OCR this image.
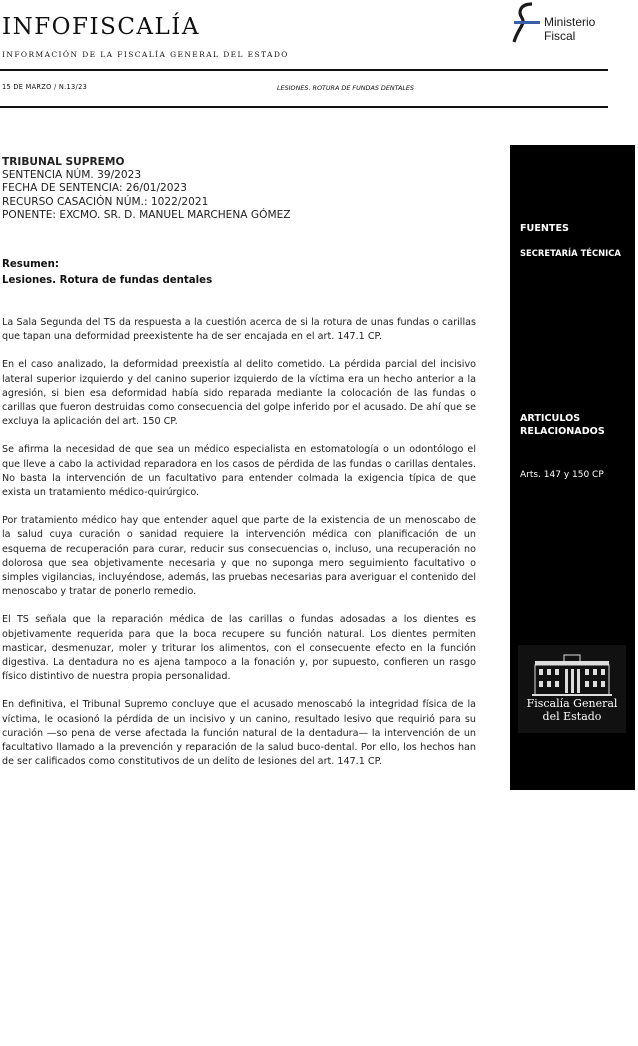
INFOFISCALÍA
INFORMACIÓN DE LA FISCALÍA GENERAL DEL ESTADO
Ministerio
Fiscal
15 DE MARZO / N.13/23	LESIONES. ROTURA DE FUNDAS DENTALES
TRIBUNAL SUPREMO
SENTENCIA NÚM. 39/2023
FECHA DE SENTENCIA: 26/01/2023
RECURSO CASACIÓN NÚM.: 1022/2021
PONENTE: EXCMO. SR. D. MANUEL MARCHENA GÓMEZ
Resumen:
Lesiones. Rotura de fundas dentales

La Sala Segunda del TS da respuesta a la cuestión acerca de si la rotura de unas fundas o carillas que tapan una deformidad preexistente ha de ser encajada en el art. 147.1 CP.

En el caso analizado, la deformidad preexistía al delito cometido. La pérdida parcial del incisivo lateral superior izquierdo y del canino superior izquierdo de la víctima era un hecho anterior a la agresión, si bien esa deformidad había sido reparada mediante la colocación de las fundas o carillas que fueron destruidas como consecuencia del golpe inferido por el acusado. De ahí que se excluya la aplicación del art. 150 CP.

Se afirma la necesidad de que sea un médico especialista en estomatología o un odontólogo el que lleve a cabo la actividad reparadora en los casos de pérdida de las fundas o carillas dentales. No basta la intervención de un facultativo para entender colmada la exigencia típica de que exista un tratamiento médico-quirúrgico.

Por tratamiento médico hay que entender aquel que parte de la existencia de un menoscabo de la salud cuya curación o sanidad requiere la intervención médica con planificación de un esquema de recuperación para curar, reducir sus consecuencias o, incluso, una recuperación no dolorosa que sea objetivamente necesaria y que no suponga mero seguimiento facultativo o simples vigilancias, incluyéndose, además, las pruebas necesarias para averiguar el contenido del menoscabo y tratar de ponerlo remedio.

El TS señala que la reparación médica de las carillas o fundas adosadas a los dientes es objetivamente requerida para que la boca recupere su función natural. Los dientes permiten masticar, desmenuzar, moler y triturar los alimentos, con el consecuente efecto en la función digestiva. La dentadura no es ajena tampoco a la fonación y, por supuesto, confieren un rasgo físico distintivo de nuestra propia personalidad.

En definitiva, el Tribunal Supremo concluye que el acusado menoscabó la integridad física de la víctima, le ocasionó la pérdida de un incisivo y un canino, resultado lesivo que requirió para su curación —so pena de verse afectada la función natural de la dentadura— la intervención de un facultativo llamado a la prevención y reparación de la salud buco-dental. Por ello, los hechos han de ser calificados como constitutivos de un delito de lesiones del art. 147.1 CP.

FUENTES
SECRETARÍA TÉCNICA
ARTICULOS
RELACIONADOS
Arts. 147 y 150 CP
Fiscalía General
del Estado
